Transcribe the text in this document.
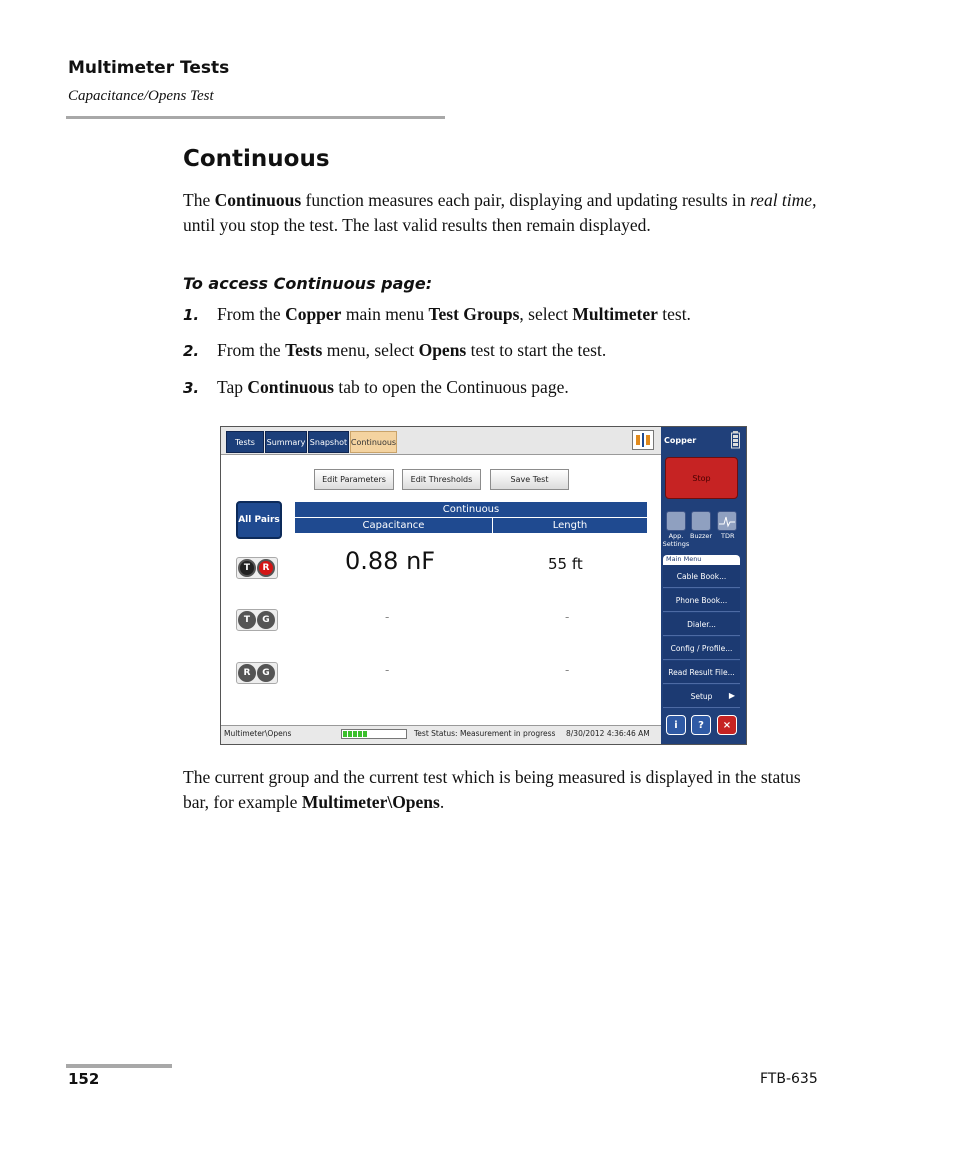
Multimeter Tests
Capacitance/Opens Test
Continuous
The Continuous function measures each pair, displaying and updating results in real time, until you stop the test. The last valid results then remain displayed.
To access Continuous page:
1. From the Copper main menu Test Groups, select Multimeter test.
2. From the Tests menu, select Opens test to start the test.
3. Tap Continuous tab to open the Continuous page.
Tests	Summary Snapshot Continuous
Edit Parameters	Edit Thresholds	Save Test
All Pairs
Continuous
Capacitance	Length
T	R	0.88 nF	55 ft
T	G	-	-
R	G	-	-
Multimeter\Opens	Test Status: Measurement in progress 8/30/2012 4:36:46 AM
Copper
Stop
App. Settings
Buzzer TDR
Main Menu
Cable Book...
Phone Book...
Dialer...
Config / Profile...
Read Result File...
Setup ▶
i	?	×
The current group and the current test which is being measured is displayed in the status bar, for example Multimeter\Opens.
152	FTB-635
